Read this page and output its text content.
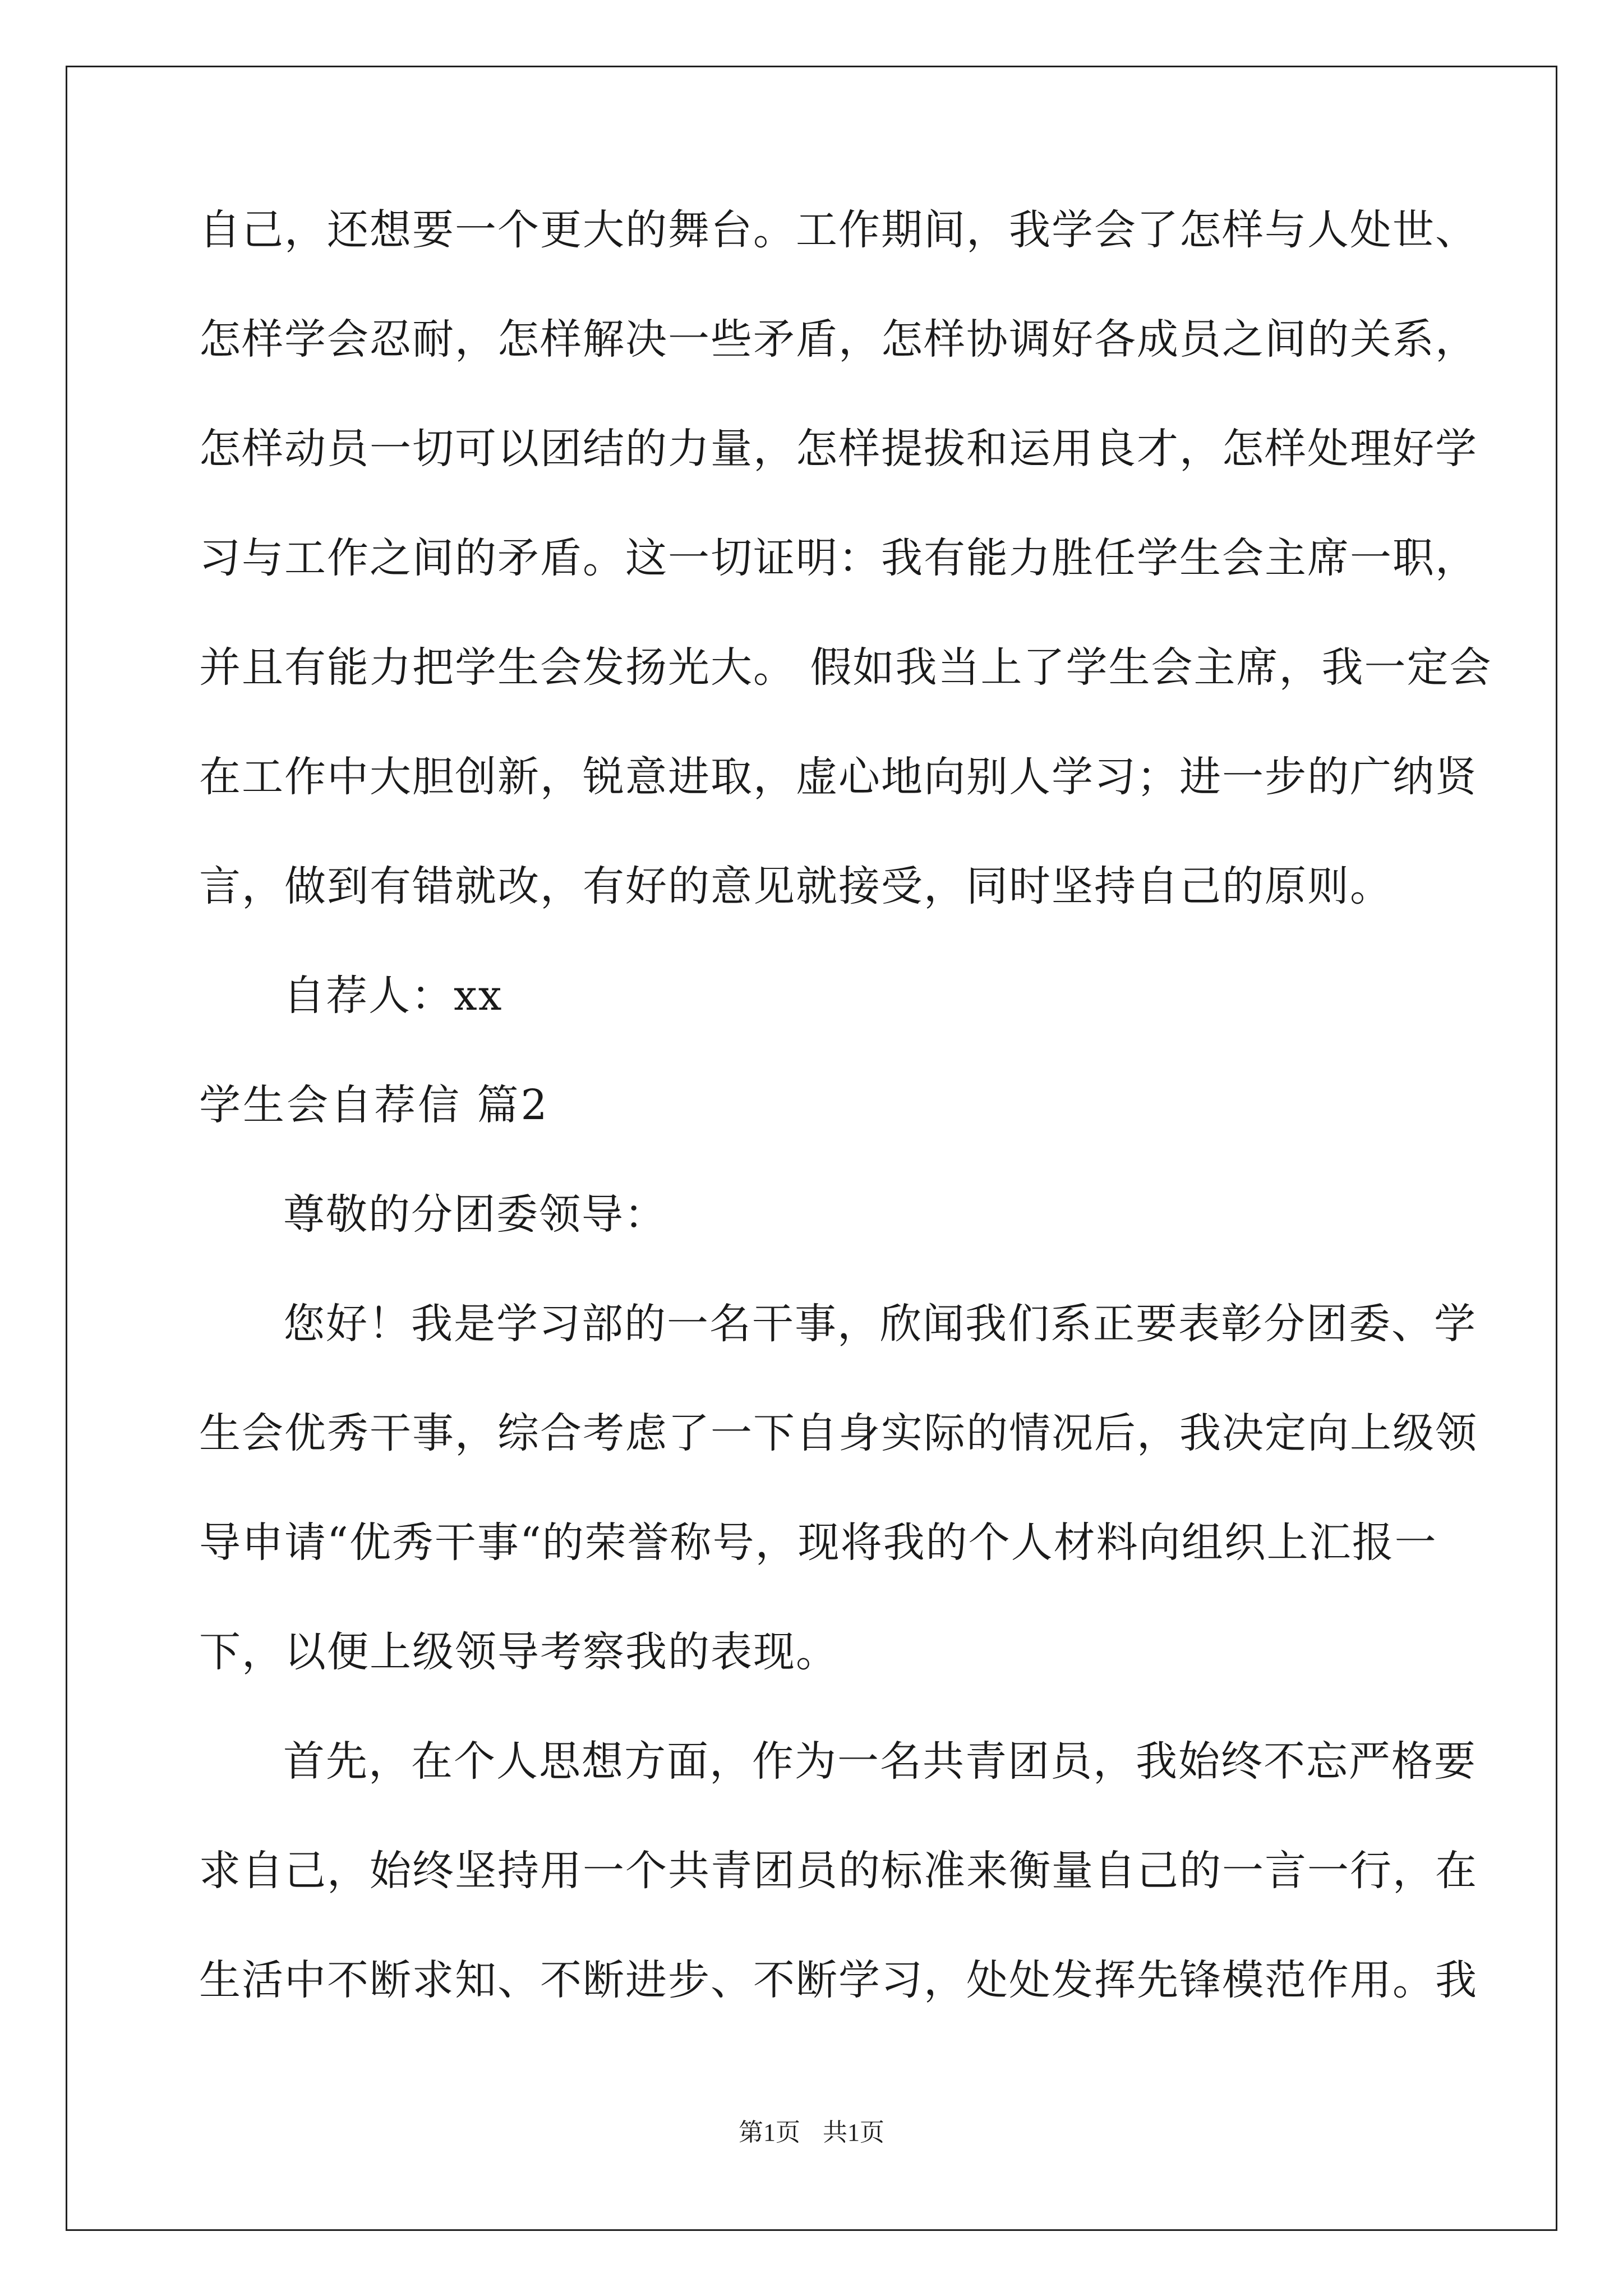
自己，还想要一个更大的舞台。工作期间，我学会了怎样与人处世、
怎样学会忍耐，怎样解决一些矛盾，怎样协调好各成员之间的关系，
怎样动员一切可以团结的力量，怎样提拔和运用良才，怎样处理好学
习与工作之间的矛盾。这一切证明：我有能力胜任学生会主席一职，
并且有能力把学生会发扬光大。 假如我当上了学生会主席，我一定会
在工作中大胆创新，锐意进取，虚心地向别人学习；进一步的广纳贤
言，做到有错就改，有好的意见就接受，同时坚持自己的原则。
自荐人：xx
学生会自荐信 篇2
尊敬的分团委领导：
您好！我是学习部的一名干事，欣闻我们系正要表彰分团委、学
生会优秀干事，综合考虑了一下自身实际的情况后，我决定向上级领
导申请“优秀干事“的荣誉称号，现将我的个人材料向组织上汇报一
下，以便上级领导考察我的表现。
首先，在个人思想方面，作为一名共青团员，我始终不忘严格要
求自己，始终坚持用一个共青团员的标准来衡量自己的一言一行，在
生活中不断求知、不断进步、不断学习，处处发挥先锋模范作用。我
第1页 共1页
